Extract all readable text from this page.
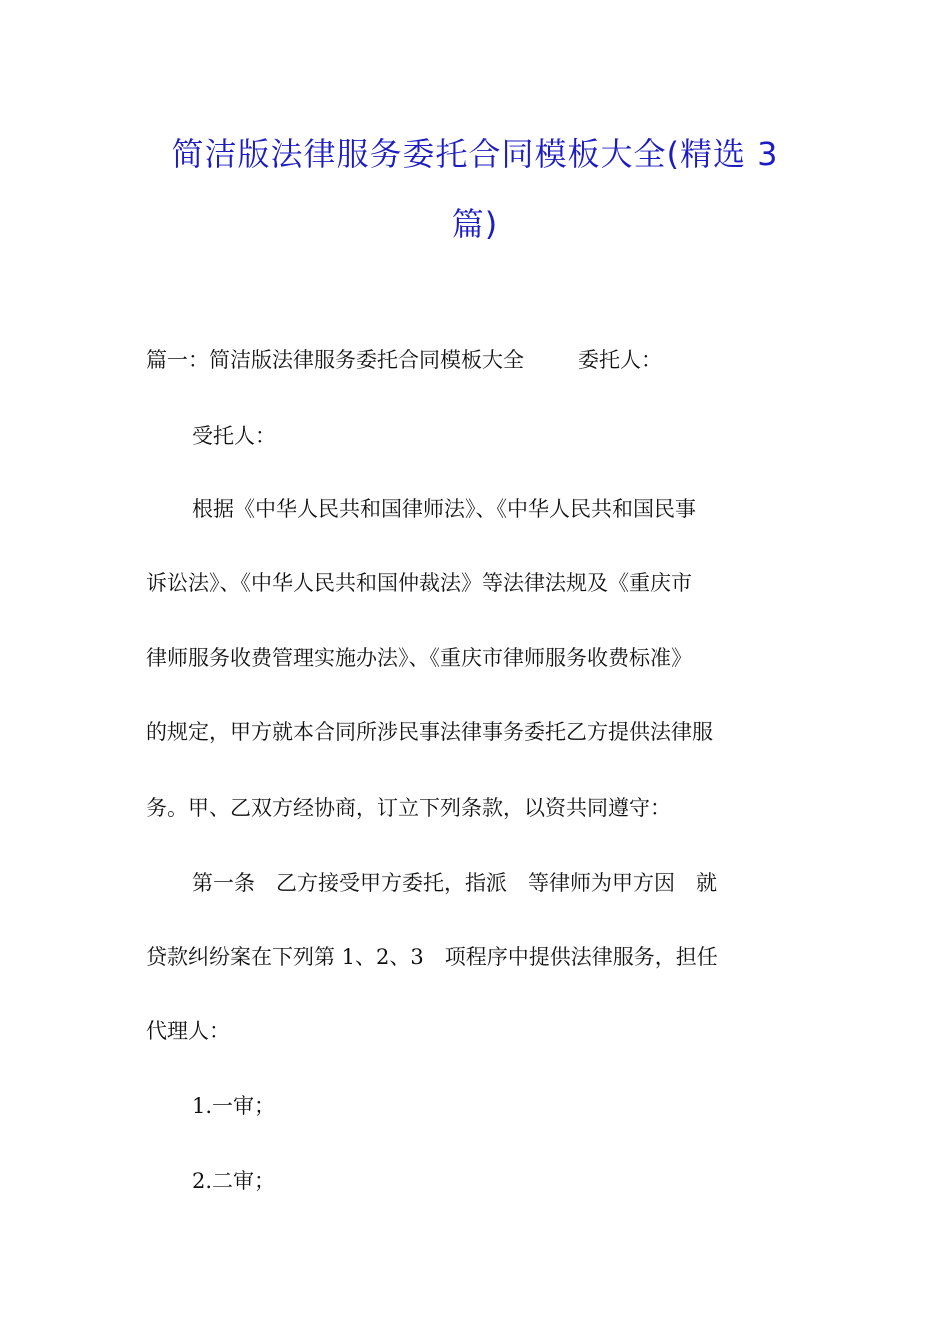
简洁版法律服务委托合同模板大全(精选 3
篇)
篇一：简洁版法律服务委托合同模板大全	委托人：
受托人：
根据《中华人民共和国律师法》、《中华人民共和国民事
诉讼法》、《中华人民共和国仲裁法》等法律法规及《重庆市
律师服务收费管理实施办法》、《重庆市律师服务收费标准》
的规定，甲方就本合同所涉民事法律事务委托乙方提供法律服
务。甲、乙双方经协商，订立下列条款，以资共同遵守：
第一条　乙方接受甲方委托，指派　等律师为甲方因　就
贷款纠纷案在下列第 1、2、3　项程序中提供法律服务，担任
代理人：
1.一审；
2.二审；
